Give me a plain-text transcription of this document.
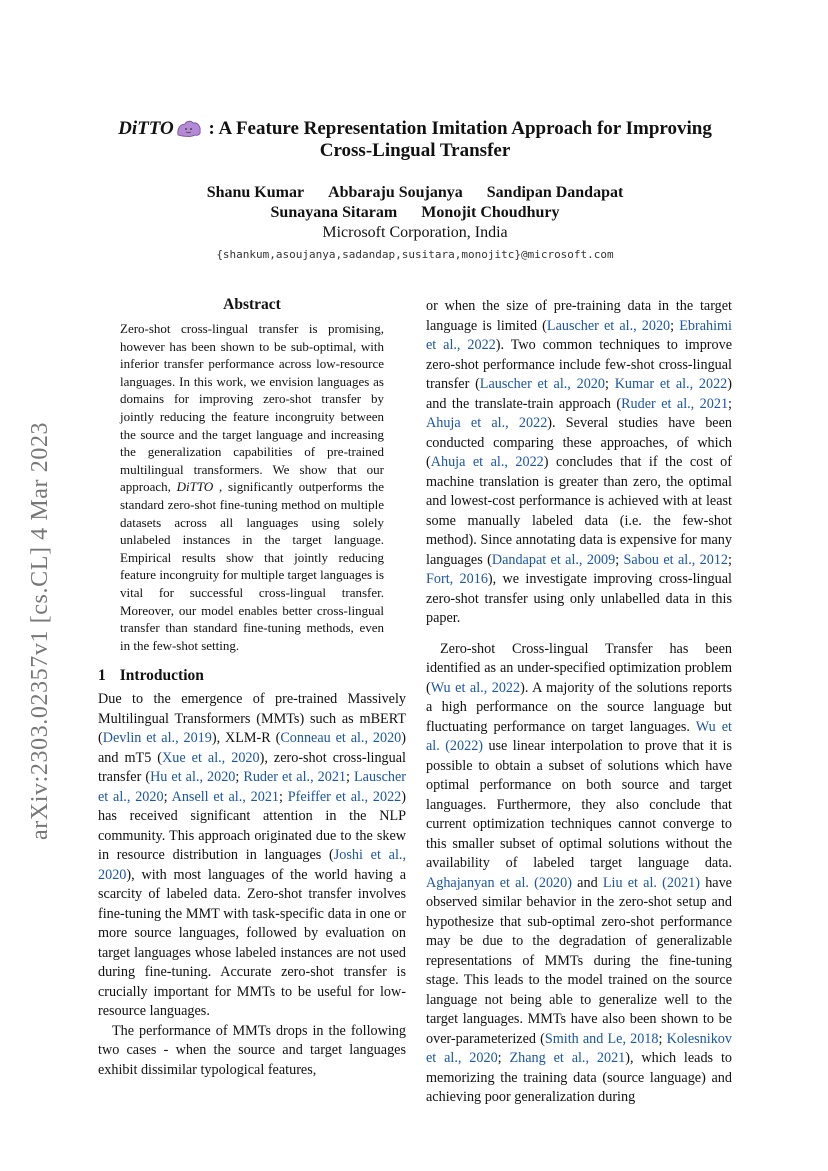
arXiv:2303.02357v1 [cs.CL] 4 Mar 2023
DiTTO : A Feature Representation Imitation Approach for Improving
Cross-Lingual Transfer
Shanu Kumar Abbaraju Soujanya Sandipan Dandapat
Sunayana Sitaram Monojit Choudhury
Microsoft Corporation, India
{shankum,asoujanya,sadandap,susitara,monojitc}@microsoft.com
Abstract
Zero-shot cross-lingual transfer is promising, however has been shown to be sub-optimal, with inferior transfer performance across low-resource languages. In this work, we envision languages as domains for improving zero-shot transfer by jointly reducing the feature incongruity between the source and the target language and increasing the generalization capabilities of pre-trained multilingual transformers. We show that our approach, DiTTO , significantly outperforms the standard zero-shot fine-tuning method on multiple datasets across all languages using solely unlabeled instances in the target language. Empirical results show that jointly reducing feature incongruity for multiple target languages is vital for successful cross-lingual transfer. Moreover, our model enables better cross-lingual transfer than standard fine-tuning methods, even in the few-shot setting.
1 Introduction

Due to the emergence of pre-trained Massively Multilingual Transformers (MMTs) such as mBERT (Devlin et al., 2019), XLM-R (Conneau et al., 2020) and mT5 (Xue et al., 2020), zero-shot cross-lingual transfer (Hu et al., 2020; Ruder et al., 2021; Lauscher et al., 2020; Ansell et al., 2021; Pfeiffer et al., 2022) has received significant attention in the NLP community. This approach originated due to the skew in resource distribution in languages (Joshi et al., 2020), with most languages of the world having a scarcity of labeled data. Zero-shot transfer involves fine-tuning the MMT with task-specific data in one or more source languages, followed by evaluation on target languages whose labeled instances are not used during fine-tuning. Accurate zero-shot transfer is crucially important for MMTs to be useful for low-resource languages.

The performance of MMTs drops in the following two cases - when the source and target languages exhibit dissimilar typological features,

or when the size of pre-training data in the target language is limited (Lauscher et al., 2020; Ebrahimi et al., 2022). Two common techniques to improve zero-shot performance include few-shot cross-lingual transfer (Lauscher et al., 2020; Kumar et al., 2022) and the translate-train approach (Ruder et al., 2021; Ahuja et al., 2022). Several studies have been conducted comparing these approaches, of which (Ahuja et al., 2022) concludes that if the cost of machine translation is greater than zero, the optimal and lowest-cost performance is achieved with at least some manually labeled data (i.e. the few-shot method). Since annotating data is expensive for many languages (Dandapat et al., 2009; Sabou et al., 2012; Fort, 2016), we investigate improving cross-lingual zero-shot transfer using only unlabelled data in this paper.

Zero-shot Cross-lingual Transfer has been identified as an under-specified optimization problem (Wu et al., 2022). A majority of the solutions reports a high performance on the source language but fluctuating performance on target languages. Wu et al. (2022) use linear interpolation to prove that it is possible to obtain a subset of solutions which have optimal performance on both source and target languages. Furthermore, they also conclude that current optimization techniques cannot converge to this smaller subset of optimal solutions without the availability of labeled target language data. Aghajanyan et al. (2020) and Liu et al. (2021) have observed similar behavior in the zero-shot setup and hypothesize that sub-optimal zero-shot performance may be due to the degradation of generalizable representations of MMTs during the fine-tuning stage. This leads to the model trained on the source language not being able to generalize well to the target languages. MMTs have also been shown to be over-parameterized (Smith and Le, 2018; Kolesnikov et al., 2020; Zhang et al., 2021), which leads to memorizing the training data (source language) and achieving poor generalization during
